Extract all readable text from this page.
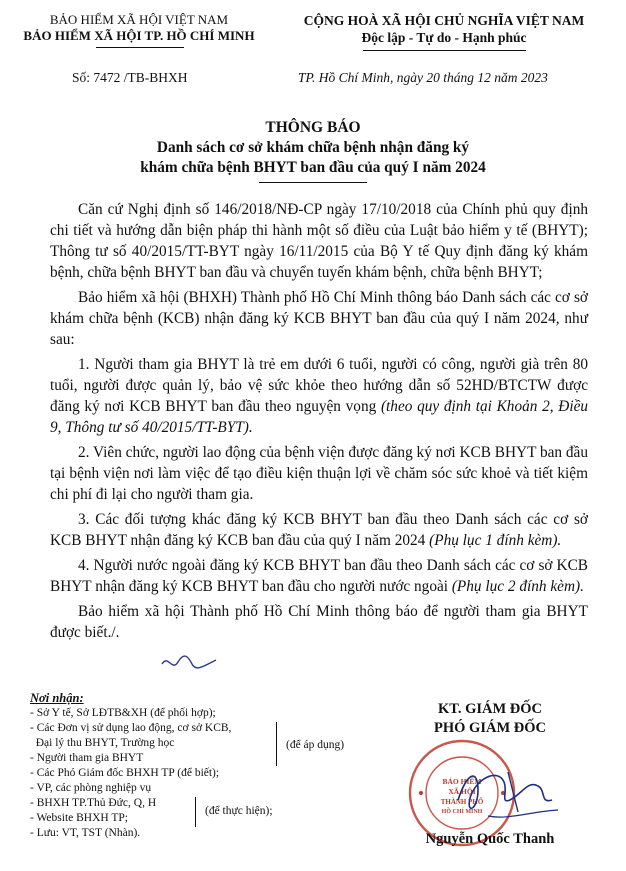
BẢO HIỂM XÃ HỘI VIỆT NAM
BẢO HIỂM XÃ HỘI TP. HỒ CHÍ MINH
Số: 7472 /TB-BHXH
CỘNG HOÀ XÃ HỘI CHỦ NGHĨA VIỆT NAM
Độc lập - Tự do - Hạnh phúc
TP. Hồ Chí Minh, ngày 20 tháng 12 năm 2023
THÔNG BÁO
Danh sách cơ sở khám chữa bệnh nhận đăng ký
khám chữa bệnh BHYT ban đầu của quý I năm 2024
Căn cứ Nghị định số 146/2018/NĐ-CP ngày 17/10/2018 của Chính phủ quy định chi tiết và hướng dẫn biện pháp thi hành một số điều của Luật bảo hiểm y tế (BHYT); Thông tư số 40/2015/TT-BYT ngày 16/11/2015 của Bộ Y tế Quy định đăng ký khám bệnh, chữa bệnh BHYT ban đầu và chuyển tuyến khám bệnh, chữa bệnh BHYT;
Bảo hiểm xã hội (BHXH) Thành phố Hồ Chí Minh thông báo Danh sách các cơ sở khám chữa bệnh (KCB) nhận đăng ký KCB BHYT ban đầu của quý I năm 2024, như sau:
1. Người tham gia BHYT là trẻ em dưới 6 tuổi, người có công, người già trên 80 tuổi, người được quản lý, bảo vệ sức khỏe theo hướng dẫn số 52HD/BTCTW được đăng ký nơi KCB BHYT ban đầu theo nguyện vọng (theo quy định tại Khoản 2, Điều 9, Thông tư số 40/2015/TT-BYT).
2. Viên chức, người lao động của bệnh viện được đăng ký nơi KCB BHYT ban đầu tại bệnh viện nơi làm việc để tạo điều kiện thuận lợi về chăm sóc sức khoẻ và tiết kiệm chi phí đi lại cho người tham gia.
3. Các đối tượng khác đăng ký KCB BHYT ban đầu theo Danh sách các cơ sở KCB BHYT nhận đăng ký KCB ban đầu của quý I năm 2024 (Phụ lục 1 đính kèm).
4. Người nước ngoài đăng ký KCB BHYT ban đầu theo Danh sách các cơ sở KCB BHYT nhận đăng ký KCB BHYT ban đầu cho người nước ngoài (Phụ lục 2 đính kèm).
Bảo hiểm xã hội Thành phố Hồ Chí Minh thông báo để người tham gia BHYT được biết./.
Nơi nhận:
- Sở Y tế, Sở LĐTB&XH (để phối hợp);
- Các Đơn vị sử dụng lao động, cơ sở KCB,
Đại lý thu BHYT, Trường học
- Người tham gia BHYT
- Các Phó Giám đốc BHXH TP (để biết);
- VP, các phòng nghiệp vụ
- BHXH TP.Thủ Đức, Q, H
- Website BHXH TP;
- Lưu: VT, TST (Nhàn).
(để áp dụng)
(để thực hiện);
KT. GIÁM ĐỐC
PHÓ GIÁM ĐỐC
BẢO HIỂM
XÃ HỘI
THÀNH PHỐ
HỒ CHÍ MINH
Nguyễn Quốc Thanh
